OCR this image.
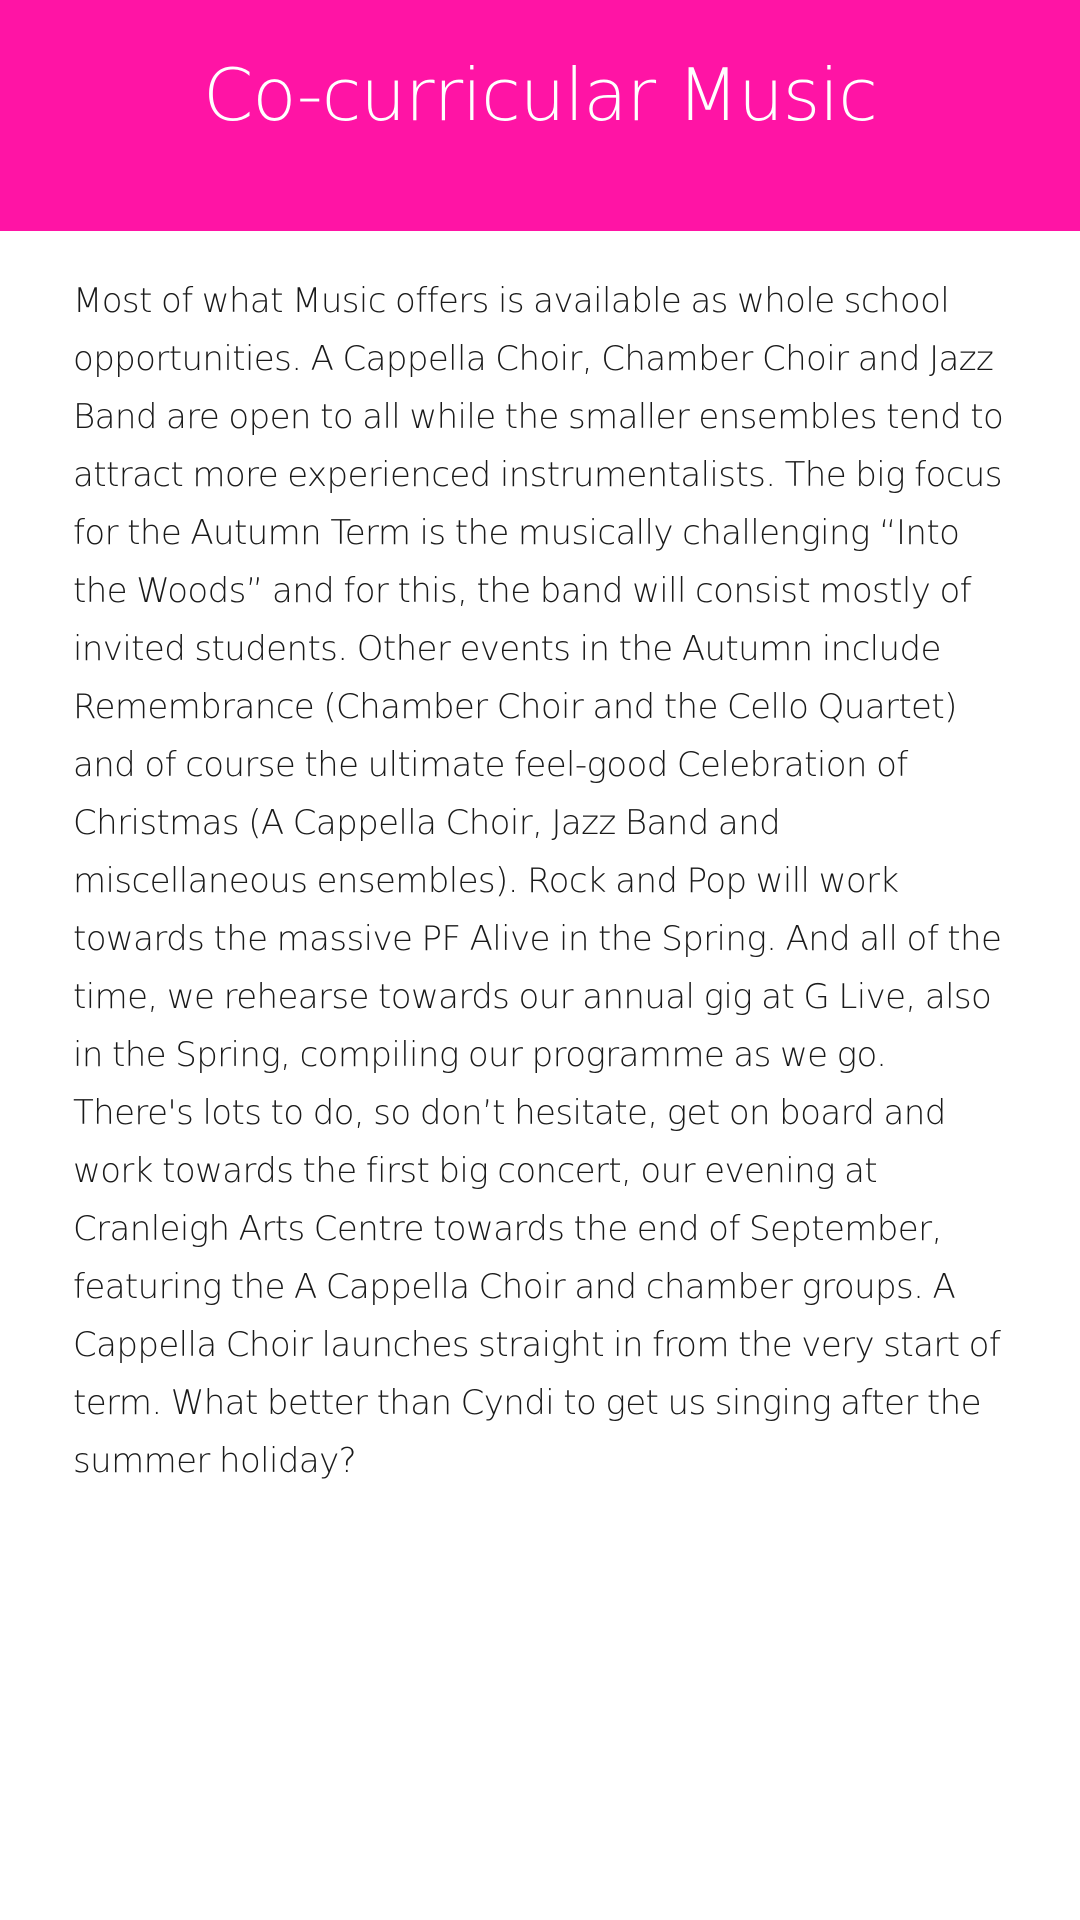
Co-curricular Music

Most of what Music offers is available as whole school opportunities. A Cappella Choir, Chamber Choir and Jazz Band are open to all while the smaller ensembles tend to attract more experienced instrumentalists. The big focus for the Autumn Term is the musically challenging “Into the Woods” and for this, the band will consist mostly of invited students. Other events in the Autumn include Remembrance (Chamber Choir and the Cello Quartet) and of course the ultimate feel-good Celebration of Christmas (A Cappella Choir, Jazz Band and miscellaneous ensembles). Rock and Pop will work towards the massive PF Alive in the Spring. And all of the time, we rehearse towards our annual gig at G Live, also in the Spring, compiling our programme as we go. There's lots to do, so don’t hesitate, get on board and work towards the first big concert, our evening at Cranleigh Arts Centre towards the end of September, featuring the A Cappella Choir and chamber groups. A Cappella Choir launches straight in from the very start of term. What better than Cyndi to get us singing after the summer holiday?
